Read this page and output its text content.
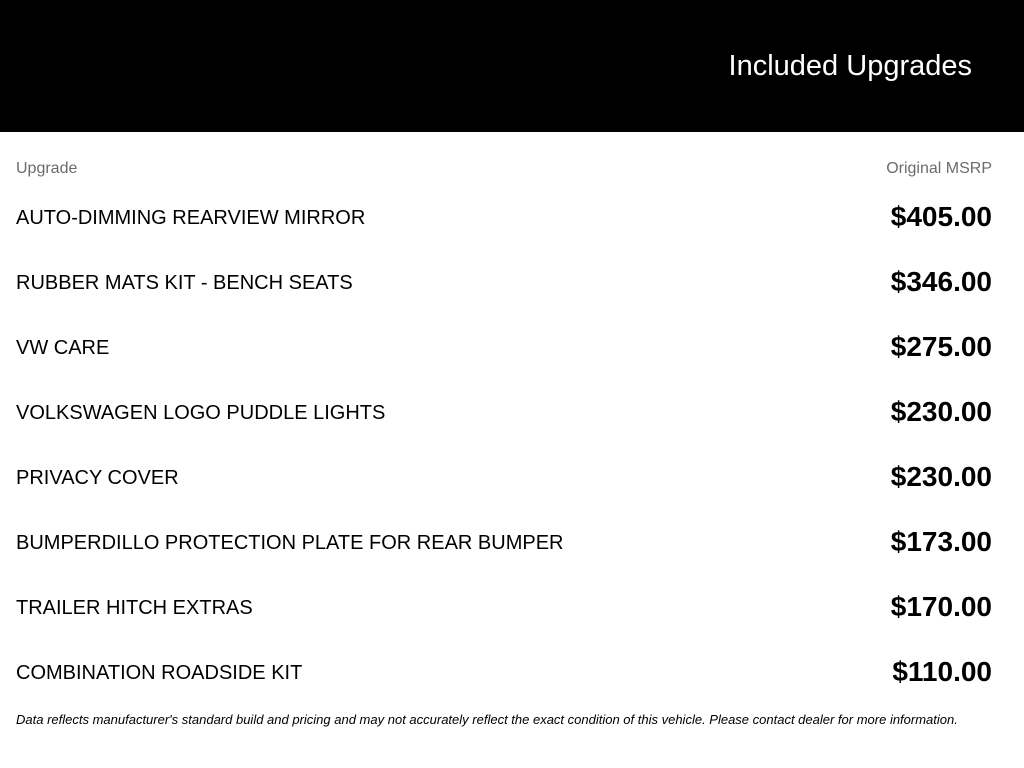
Included Upgrades
Upgrade	Original MSRP
AUTO-DIMMING REARVIEW MIRROR	$405.00
RUBBER MATS KIT - BENCH SEATS	$346.00
VW CARE	$275.00
VOLKSWAGEN LOGO PUDDLE LIGHTS	$230.00
PRIVACY COVER	$230.00
BUMPERDILLO PROTECTION PLATE FOR REAR BUMPER	$173.00
TRAILER HITCH EXTRAS	$170.00
COMBINATION ROADSIDE KIT	$110.00
Data reflects manufacturer's standard build and pricing and may not accurately reflect the exact condition of this vehicle. Please contact dealer for more information.
